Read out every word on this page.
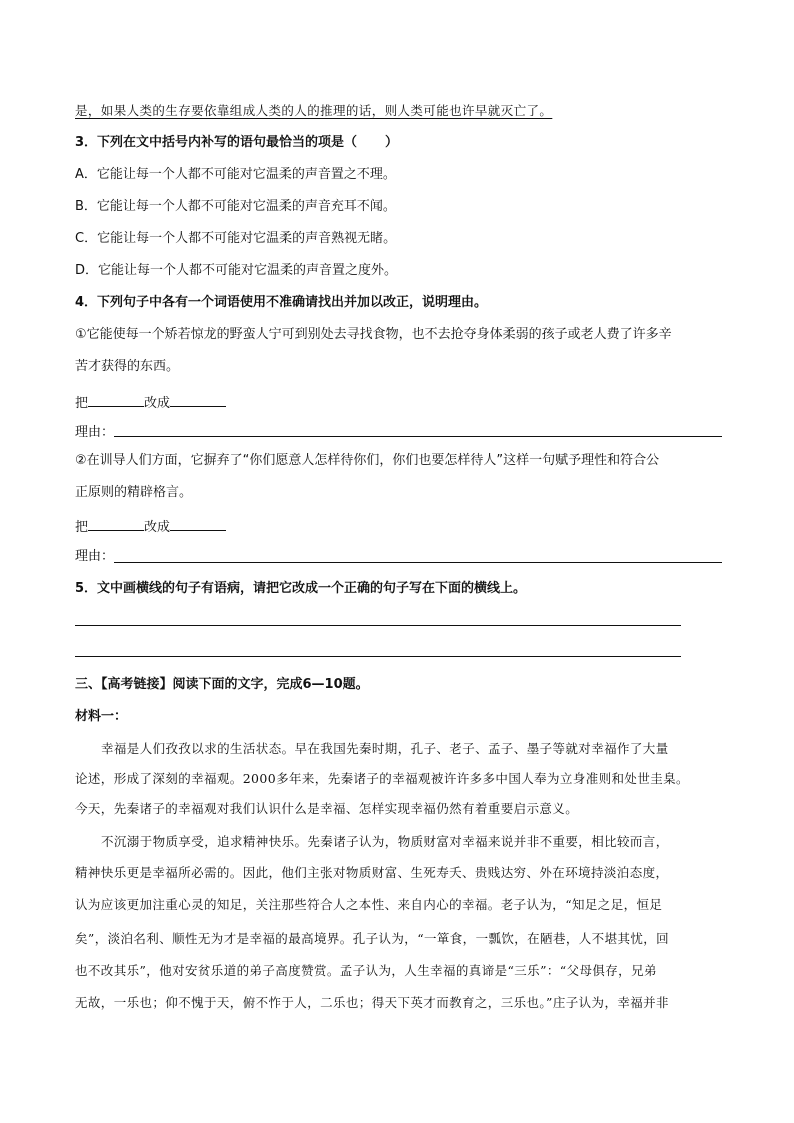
是，如果人类的生存要依靠组成人类的人的推理的话，则人类可能也许早就灭亡了。
3．下列在文中括号内补写的语句最恰当的项是（ ）
A．它能让每一个人都不可能对它温柔的声音置之不理。
B．它能让每一个人都不可能对它温柔的声音充耳不闻。
C．它能让每一个人都不可能对它温柔的声音熟视无睹。
D．它能让每一个人都不可能对它温柔的声音置之度外。
4．下列句子中各有一个词语使用不准确请找出并加以改正，说明理由。
①它能使每一个矫若惊龙的野蛮人宁可到别处去寻找食物，也不去抢夺身体柔弱的孩子或老人费了许多辛
苦才获得的东西。
把	改成
理由：
②在训导人们方面，它摒弃了“你们愿意人怎样待你们，你们也要怎样待人”这样一句赋予理性和符合公
正原则的精辟格言。
把	改成
理由：
5．文中画横线的句子有语病，请把它改成一个正确的句子写在下面的横线上。
三、【高考链接】阅读下面的文字，完成6—10题。
材料一：
幸福是人们孜孜以求的生活状态。早在我国先秦时期，孔子、老子、孟子、墨子等就对幸福作了大量
论述，形成了深刻的幸福观。2000多年来，先秦诸子的幸福观被许许多多中国人奉为立身准则和处世圭臬。
今天，先秦诸子的幸福观对我们认识什么是幸福、怎样实现幸福仍然有着重要启示意义。
不沉溺于物质享受，追求精神快乐。先秦诸子认为，物质财富对幸福来说并非不重要，相比较而言，
精神快乐更是幸福所必需的。因此，他们主张对物质财富、生死寿夭、贵贱达穷、外在环境持淡泊态度，
认为应该更加注重心灵的知足，关注那些符合人之本性、来自内心的幸福。老子认为，“知足之足，恒足
矣”，淡泊名利、顺性无为才是幸福的最高境界。孔子认为，“一箪食，一瓢饮，在陋巷，人不堪其忧，回
也不改其乐”，他对安贫乐道的弟子高度赞赏。孟子认为，人生幸福的真谛是“三乐”：“父母俱存，兄弟
无故，一乐也；仰不愧于天，俯不怍于人，二乐也；得天下英才而教育之，三乐也。”庄子认为，幸福并非
